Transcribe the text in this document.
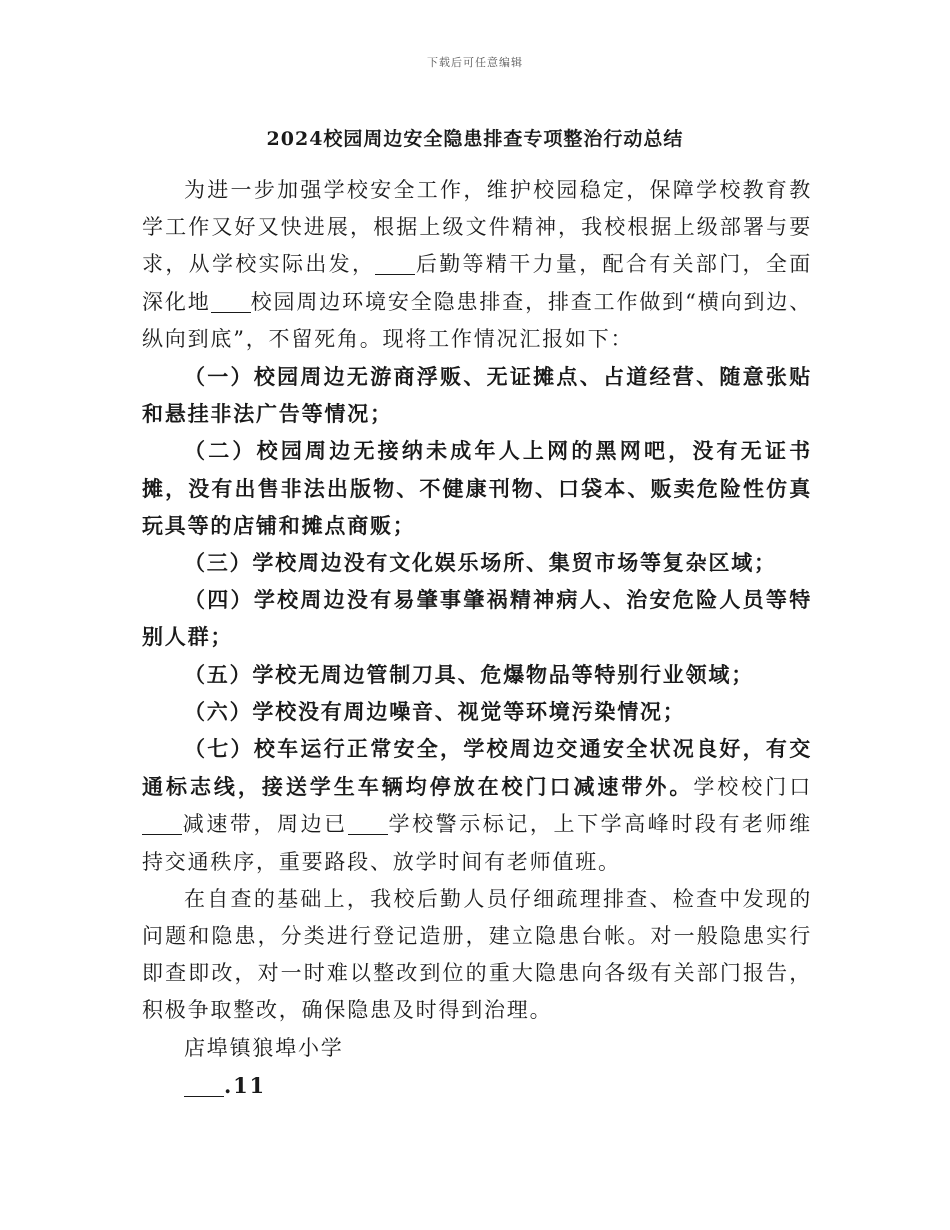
下载后可任意编辑
2024校园周边安全隐患排查专项整治行动总结

为进一步加强学校安全工作，维护校园稳定，保障学校教育教学工作又好又快进展，根据上级文件精神，我校根据上级部署与要求，从学校实际出发， 后勤等精干力量，配合有关部门，全面深化地 校园周边环境安全隐患排查，排查工作做到“横向到边、纵向到底”，不留死角。现将工作情况汇报如下：

（一）校园周边无游商浮贩、无证摊点、占道经营、随意张贴和悬挂非法广告等情况；

（二）校园周边无接纳未成年人上网的黑网吧，没有无证书摊，没有出售非法出版物、不健康刊物、口袋本、贩卖危险性仿真玩具等的店铺和摊点商贩；

（三）学校周边没有文化娱乐场所、集贸市场等复杂区域；

（四）学校周边没有易肇事肇祸精神病人、治安危险人员等特别人群；

（五）学校无周边管制刀具、危爆物品等特别行业领域；

（六）学校没有周边噪音、视觉等环境污染情况；

（七）校车运行正常安全，学校周边交通安全状况良好，有交通标志线，接送学生车辆均停放在校门口减速带外。学校校门口减速带，周边已 学校警示标记，上下学高峰时段有老师维持交通秩序，重要路段、放学时间有老师值班。

在自查的基础上，我校后勤人员仔细疏理排查、检查中发现的问题和隐患，分类进行登记造册，建立隐患台帐。对一般隐患实行即查即改，对一时难以整改到位的重大隐患向各级有关部门报告，积极争取整改，确保隐患及时得到治理。

店埠镇狼埠小学

.11
